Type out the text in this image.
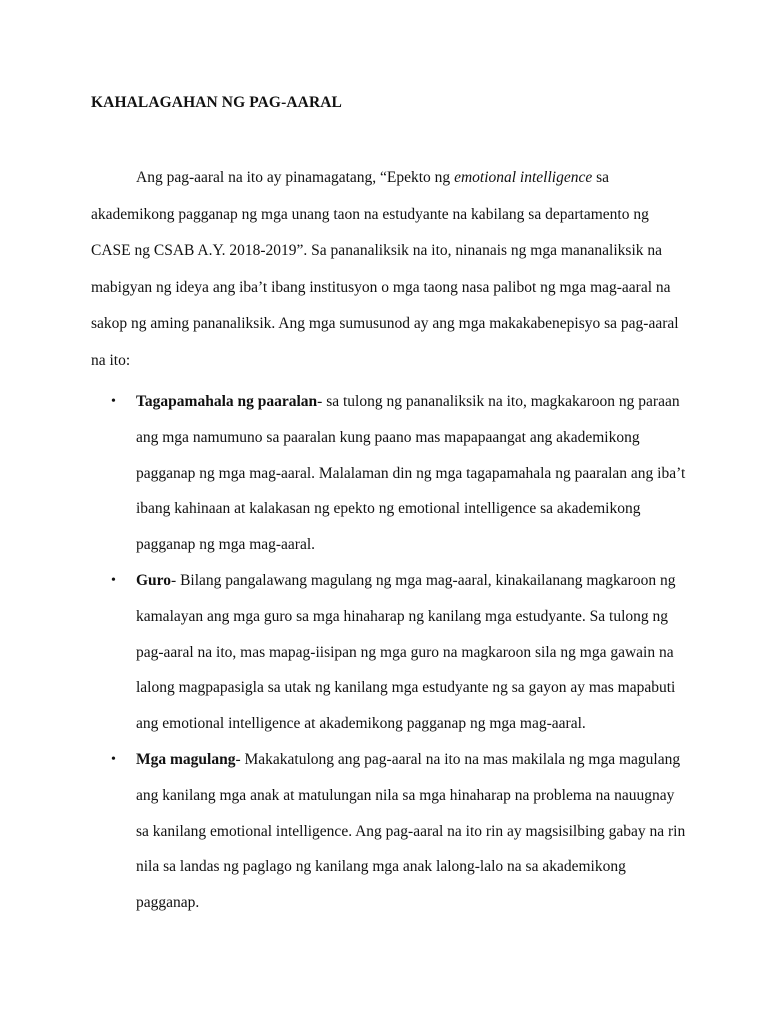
KAHALAGAHAN NG PAG-AARAL

Ang pag-aaral na ito ay pinamagatang, “Epekto ng emotional intelligence sa akademikong pagganap ng mga unang taon na estudyante na kabilang sa departamento ng CASE ng CSAB A.Y. 2018-2019”. Sa pananaliksik na ito, ninanais ng mga mananaliksik na mabigyan ng ideya ang iba’t ibang institusyon o mga taong nasa palibot ng mga mag-aaral na sakop ng aming pananaliksik. Ang mga sumusunod ay ang mga makakabenepisyo sa pag-aaral na ito:

• Tagapamahala ng paaralan- sa tulong ng pananaliksik na ito, magkakaroon ng paraan ang mga namumuno sa paaralan kung paano mas mapapaangat ang akademikong pagganap ng mga mag-aaral. Malalaman din ng mga tagapamahala ng paaralan ang iba’t ibang kahinaan at kalakasan ng epekto ng emotional intelligence sa akademikong pagganap ng mga mag-aaral.
• Guro- Bilang pangalawang magulang ng mga mag-aaral, kinakailanang magkaroon ng kamalayan ang mga guro sa mga hinaharap ng kanilang mga estudyante. Sa tulong ng pag-aaral na ito, mas mapag-iisipan ng mga guro na magkaroon sila ng mga gawain na lalong magpapasigla sa utak ng kanilang mga estudyante ng sa gayon ay mas mapabuti ang emotional intelligence at akademikong pagganap ng mga mag-aaral.
• Mga magulang- Makakatulong ang pag-aaral na ito na mas makilala ng mga magulang ang kanilang mga anak at matulungan nila sa mga hinaharap na problema na nauugnay sa kanilang emotional intelligence. Ang pag-aaral na ito rin ay magsisilbing gabay na rin nila sa landas ng paglago ng kanilang mga anak lalong-lalo na sa akademikong pagganap.
